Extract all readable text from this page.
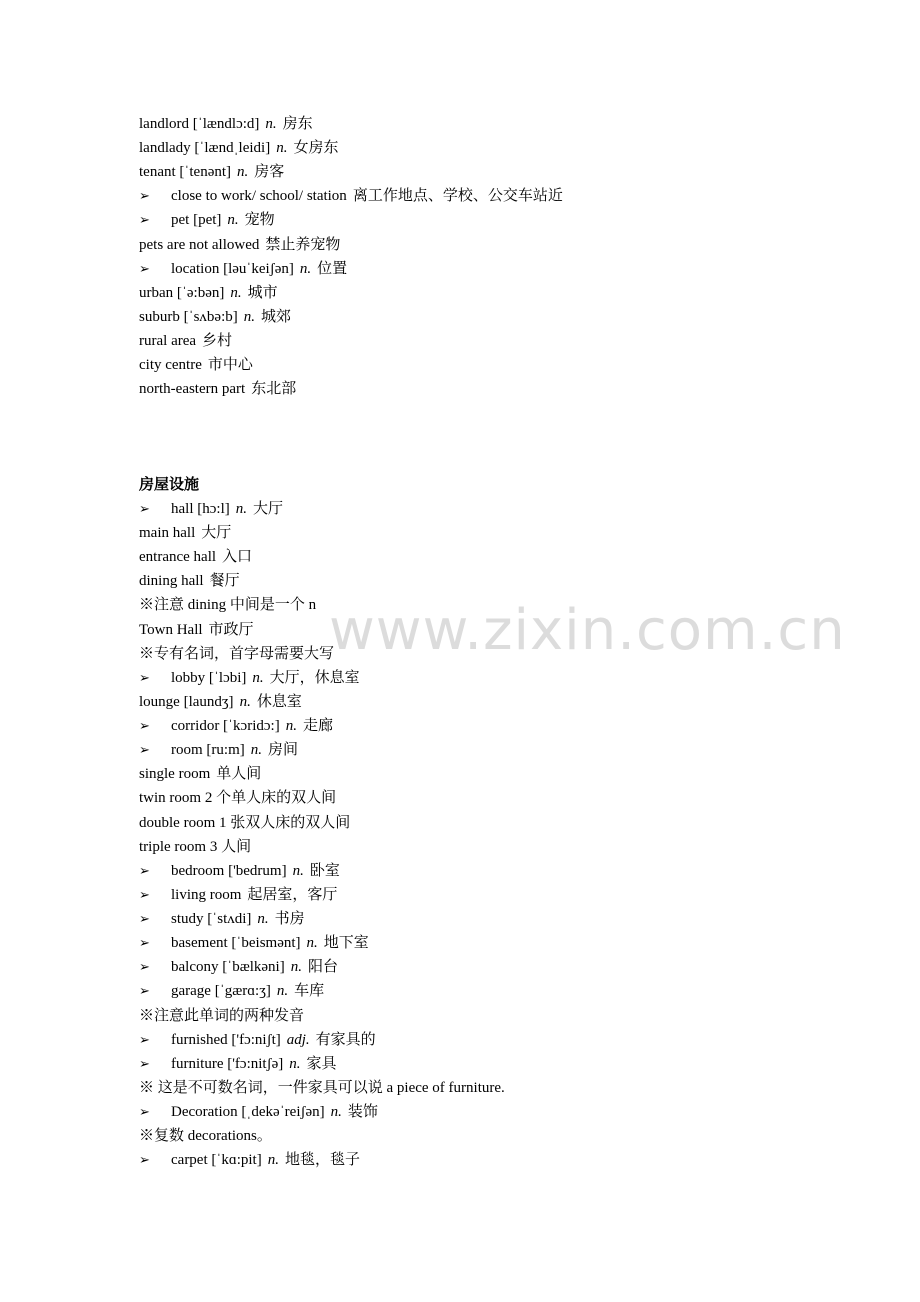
www.zixin.com.cn
landlord [ˈlændlɔ:d] n. 房东
landlady [ˈlændˌleidi] n. 女房东
tenant [ˈtenənt] n. 房客
➢ close to work/ school/ station 离工作地点、学校、公交车站近
➢ pet [pet] n. 宠物
pets are not allowed 禁止养宠物
➢ location [ləuˈkeiʃən] n. 位置
urban [ˈə:bən] n. 城市
suburb [ˈsʌbə:b] n. 城郊
rural area 乡村
city centre 市中心
north-eastern part 东北部
房屋设施
➢ hall [hɔ:l] n. 大厅
main hall 大厅
entrance hall 入口
dining hall 餐厅
※注意 dining 中间是一个 n
Town Hall 市政厅
※专有名词，首字母需要大写
➢ lobby [ˈlɔbi] n. 大厅，休息室
lounge [laundʒ] n. 休息室
➢ corridor [ˈkɔridɔ:] n. 走廊
➢ room [ru:m] n. 房间
single room 单人间
twin room 2 个单人床的双人间
double room 1 张双人床的双人间
triple room 3 人间
➢ bedroom ['bedrum] n. 卧室
➢ living room 起居室，客厅
➢ study [ˈstʌdi] n. 书房
➢ basement [ˈbeismənt] n. 地下室
➢ balcony [ˈbælkəni] n. 阳台
➢ garage [ˈgærɑ:ʒ] n. 车库
※注意此单词的两种发音
➢ furnished ['fɔ:niʃt] adj. 有家具的
➢ furniture ['fɔ:nitʃə] n. 家具
※ 这是不可数名词，一件家具可以说 a piece of furniture.
➢ Decoration [ˌdekəˈreiʃən] n. 装饰
※复数 decorations。
➢ carpet [ˈkɑ:pit] n. 地毯，毯子
